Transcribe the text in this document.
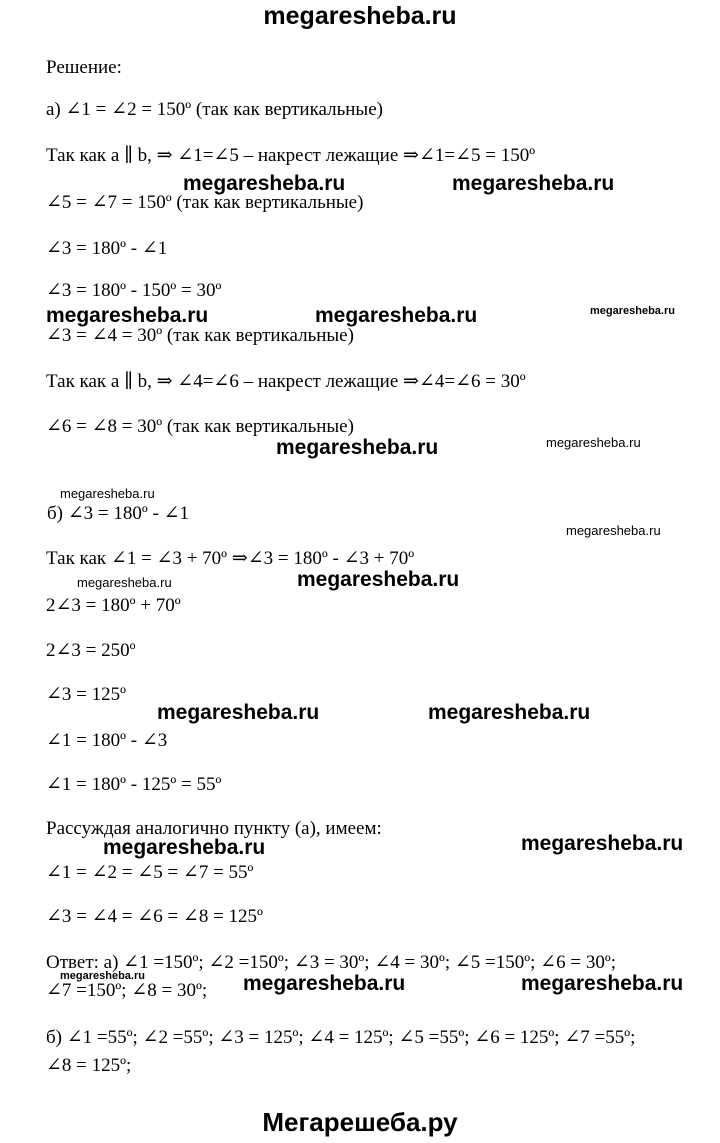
megaresheba.ru
Решение:
а) ∠1 = ∠2 = 150º (так как вертикальные)
Так как a ∥ b, ⇒ ∠1=∠5 – накрест лежащие ⇒∠1=∠5 = 150º
∠5 = ∠7 = 150º (так как вертикальные)
∠3 = 180º - ∠1
∠3 = 180º - 150º = 30º
∠3 = ∠4 = 30º (так как вертикальные)
Так как a ∥ b, ⇒ ∠4=∠6 – накрест лежащие ⇒∠4=∠6 = 30º
∠6 = ∠8 = 30º (так как вертикальные)
б) ∠3 = 180º - ∠1
Так как ∠1 = ∠3 + 70º ⇒∠3 = 180º - ∠3 + 70º
2∠3 = 180º + 70º
2∠3 = 250º
∠3 = 125º
∠1 = 180º - ∠3
∠1 = 180º - 125º = 55º
Рассуждая аналогично пункту (а), имеем:
∠1 = ∠2 = ∠5 = ∠7 = 55º
∠3 = ∠4 = ∠6 = ∠8 = 125º
Ответ: а) ∠1 =150º; ∠2 =150º; ∠3 = 30º; ∠4 = 30º; ∠5 =150º; ∠6 = 30º;
∠7 =150º; ∠8 = 30º;
б) ∠1 =55º; ∠2 =55º; ∠3 = 125º; ∠4 = 125º; ∠5 =55º; ∠6 = 125º; ∠7 =55º;
∠8 = 125º;
megaresheba.ru	megaresheba.ru
megaresheba.ru	megaresheba.ru	megaresheba.ru
megaresheba.ru	megaresheba.ru
megaresheba.ru
megaresheba.ru
megaresheba.ru	megaresheba.ru
megaresheba.ru	megaresheba.ru
megaresheba.ru
megaresheba.ru
megaresheba.ru	megaresheba.ru	megaresheba.ru
Мегарешеба.ру
